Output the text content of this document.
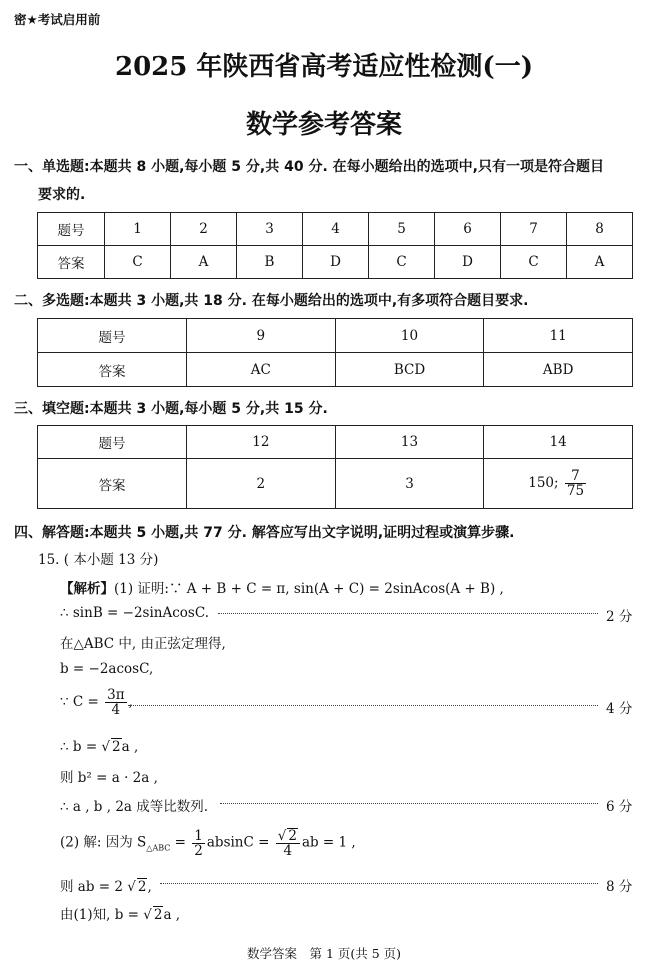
密★考试启用前
2025 年陕西省高考适应性检测(一)
数学参考答案
一、单选题:本题共 8 小题,每小题 5 分,共 40 分. 在每小题给出的选项中,只有一项是符合题目
要求的.
题号	1	2	3	4	5	6	7	8
答案	C	A	B	D	C	D	C	A
二、多选题:本题共 3 小题,共 18 分. 在每小题给出的选项中,有多项符合题目要求.
题号	9	10	11
答案	AC	BCD	ABD
三、填空题:本题共 3 小题,每小题 5 分,共 15 分.
题号	12	13	14
答案	2	3	150; $\frac{7}{75}$
四、解答题:本题共 5 小题,共 77 分. 解答应写出文字说明,证明过程或演算步骤.
15. ( 本小题 13 分)
【解析】(1) 证明:∵ A + B + C = π, sin(A + C) = 2sinAcos(A + B) ,
∴ sinB = −2sinAcosC.	2 分
在△ABC 中, 由正弦定理得,
b = −2acosC,
∵ $C = \frac{3\pi}{4}$ ,	4 分
∴ b = √ 2a ,
则 b² = a · 2a ,
∴ a , b , 2a 成等比数列.	6 分
(2) 解: 因为 $S_{\triangle ABC} = \frac{1}{2}$ $absinC = \frac{√ 2}{4}$ ab = 1 ,
则 ab = 2 √ 2,	8 分
由(1)知, b = √ 2a ,
数学答案　第 1 页(共 5 页)
